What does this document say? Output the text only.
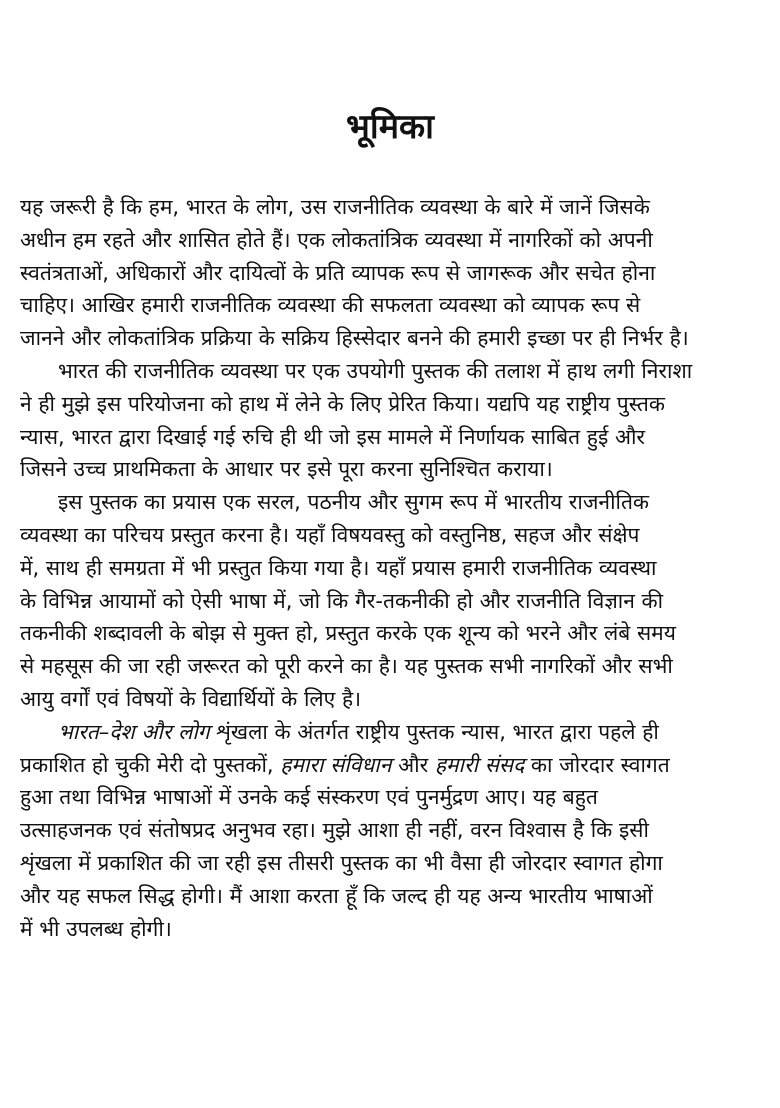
भूमिका

यह जरूरी है कि हम, भारत के लोग, उस राजनीतिक व्यवस्था के बारे में जानें जिसके
अधीन हम रहते और शासित होते हैं। एक लोकतांत्रिक व्यवस्था में नागरिकों को अपनी
स्वतंत्रताओं, अधिकारों और दायित्वों के प्रति व्यापक रूप से जागरूक और सचेत होना
चाहिए। आखिर हमारी राजनीतिक व्यवस्था की सफलता व्यवस्था को व्यापक रूप से
जानने और लोकतांत्रिक प्रक्रिया के सक्रिय हिस्सेदार बनने की हमारी इच्छा पर ही निर्भर है।

भारत की राजनीतिक व्यवस्था पर एक उपयोगी पुस्तक की तलाश में हाथ लगी निराशा
ने ही मुझे इस परियोजना को हाथ में लेने के लिए प्रेरित किया। यद्यपि यह राष्ट्रीय पुस्तक
न्यास, भारत द्वारा दिखाई गई रुचि ही थी जो इस मामले में निर्णायक साबित हुई और
जिसने उच्च प्राथमिकता के आधार पर इसे पूरा करना सुनिश्चित कराया।

इस पुस्तक का प्रयास एक सरल, पठनीय और सुगम रूप में भारतीय राजनीतिक
व्यवस्था का परिचय प्रस्तुत करना है। यहाँ विषयवस्तु को वस्तुनिष्ठ, सहज और संक्षेप
में, साथ ही समग्रता में भी प्रस्तुत किया गया है। यहाँ प्रयास हमारी राजनीतिक व्यवस्था
के विभिन्न आयामों को ऐसी भाषा में, जो कि गैर-तकनीकी हो और राजनीति विज्ञान की
तकनीकी शब्दावली के बोझ से मुक्त हो, प्रस्तुत करके एक शून्य को भरने और लंबे समय
से महसूस की जा रही जरूरत को पूरी करने का है। यह पुस्तक सभी नागरिकों और सभी
आयु वर्गों एवं विषयों के विद्यार्थियों के लिए है।

भारत–देश और लोग शृंखला के अंतर्गत राष्ट्रीय पुस्तक न्यास, भारत द्वारा पहले ही
प्रकाशित हो चुकी मेरी दो पुस्तकों, हमारा संविधान और हमारी संसद का जोरदार स्वागत
हुआ तथा विभिन्न भाषाओं में उनके कई संस्करण एवं पुनर्मुद्रण आए। यह बहुत
उत्साहजनक एवं संतोषप्रद अनुभव रहा। मुझे आशा ही नहीं, वरन विश्वास है कि इसी
शृंखला में प्रकाशित की जा रही इस तीसरी पुस्तक का भी वैसा ही जोरदार स्वागत होगा
और यह सफल सिद्ध होगी। मैं आशा करता हूँ कि जल्द ही यह अन्य भारतीय भाषाओं
में भी उपलब्ध होगी।
